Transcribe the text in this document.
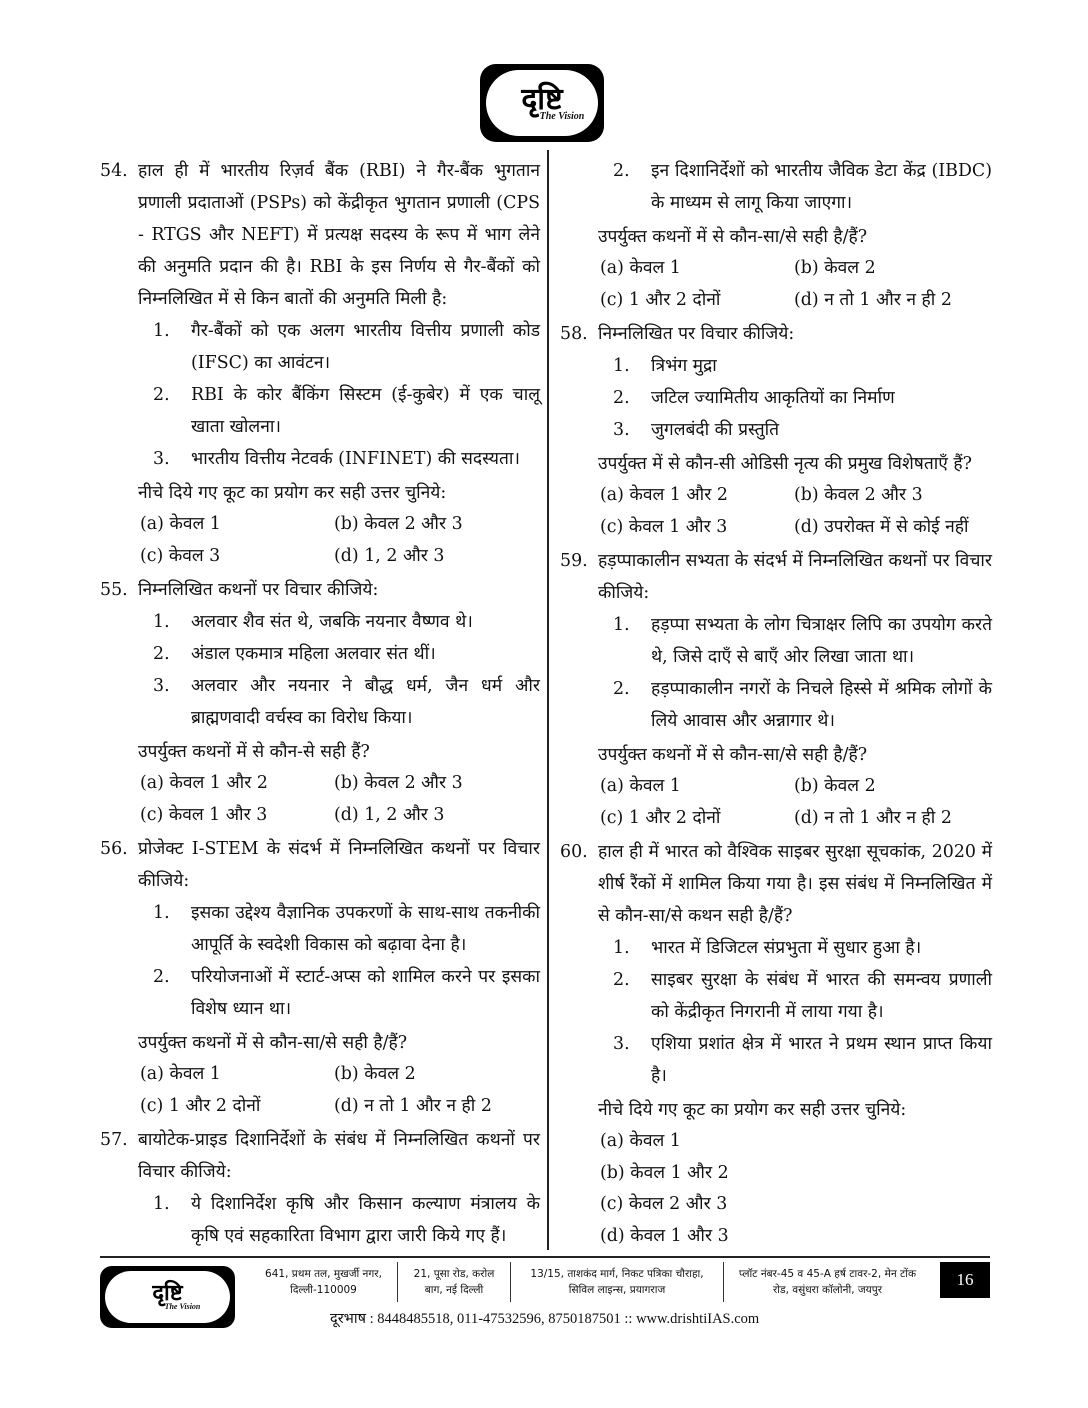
दृष्टि
The Vision
54. हाल ही में भारतीय रिज़र्व बैंक (RBI) ने गैर-बैंक भुगतान प्रणाली प्रदाताओं (PSPs) को केंद्रीकृत भुगतान प्रणाली (CPS - RTGS और NEFT) में प्रत्यक्ष सदस्य के रूप में भाग लेने की अनुमति प्रदान की है। RBI के इस निर्णय से गैर-बैंकों को निम्नलिखित में से किन बातों की अनुमति मिली है:
1. गैर-बैंकों को एक अलग भारतीय वित्तीय प्रणाली कोड (IFSC) का आवंटन।
2. RBI के कोर बैंकिंग सिस्टम (ई-कुबेर) में एक चालू खाता खोलना।
3. भारतीय वित्तीय नेटवर्क (INFINET) की सदस्यता।
नीचे दिये गए कूट का प्रयोग कर सही उत्तर चुनिये:
(a) केवल 1	(b) केवल 2 और 3
(c) केवल 3	(d) 1, 2 और 3
55. निम्नलिखित कथनों पर विचार कीजिये:
1. अलवार शैव संत थे, जबकि नयनार वैष्णव थे।
2. अंडाल एकमात्र महिला अलवार संत थीं।
3. अलवार और नयनार ने बौद्ध धर्म, जैन धर्म और ब्राह्मणवादी वर्चस्व का विरोध किया।
उपर्युक्त कथनों में से कौन-से सही हैं?
(a) केवल 1 और 2	(b) केवल 2 और 3
(c) केवल 1 और 3	(d) 1, 2 और 3
56. प्रोजेक्ट I-STEM के संदर्भ में निम्नलिखित कथनों पर विचार कीजिये:
1. इसका उद्देश्य वैज्ञानिक उपकरणों के साथ-साथ तकनीकी आपूर्ति के स्वदेशी विकास को बढ़ावा देना है।
2. परियोजनाओं में स्टार्ट-अप्स को शामिल करने पर इसका विशेष ध्यान था।
उपर्युक्त कथनों में से कौन-सा/से सही है/हैं?
(a) केवल 1	(b) केवल 2
(c) 1 और 2 दोनों	(d) न तो 1 और न ही 2
57. बायोटेक-प्राइड दिशानिर्देशों के संबंध में निम्नलिखित कथनों पर विचार कीजिये:
1. ये दिशानिर्देश कृषि और किसान कल्याण मंत्रालय के कृषि एवं सहकारिता विभाग द्वारा जारी किये गए हैं।
2. इन दिशानिर्देशों को भारतीय जैविक डेटा केंद्र (IBDC) के माध्यम से लागू किया जाएगा।
उपर्युक्त कथनों में से कौन-सा/से सही है/हैं?
(a) केवल 1	(b) केवल 2
(c) 1 और 2 दोनों	(d) न तो 1 और न ही 2
58. निम्नलिखित पर विचार कीजिये:
1. त्रिभंग मुद्रा
2. जटिल ज्यामितीय आकृतियों का निर्माण
3. जुगलबंदी की प्रस्तुति
उपर्युक्त में से कौन-सी ओडिसी नृत्य की प्रमुख विशेषताएँ हैं?
(a) केवल 1 और 2	(b) केवल 2 और 3
(c) केवल 1 और 3	(d) उपरोक्त में से कोई नहीं
59. हड़प्पाकालीन सभ्यता के संदर्भ में निम्नलिखित कथनों पर विचार कीजिये:
1. हड़प्पा सभ्यता के लोग चित्राक्षर लिपि का उपयोग करते थे, जिसे दाएँ से बाएँ ओर लिखा जाता था।
2. हड़प्पाकालीन नगरों के निचले हिस्से में श्रमिक लोगों के लिये आवास और अन्नागार थे।
उपर्युक्त कथनों में से कौन-सा/से सही है/हैं?
(a) केवल 1	(b) केवल 2
(c) 1 और 2 दोनों	(d) न तो 1 और न ही 2
60. हाल ही में भारत को वैश्विक साइबर सुरक्षा सूचकांक, 2020 में शीर्ष रैंकों में शामिल किया गया है। इस संबंध में निम्नलिखित में से कौन-सा/से कथन सही है/हैं?
1. भारत में डिजिटल संप्रभुता में सुधार हुआ है।
2. साइबर सुरक्षा के संबंध में भारत की समन्वय प्रणाली को केंद्रीकृत निगरानी में लाया गया है।
3. एशिया प्रशांत क्षेत्र में भारत ने प्रथम स्थान प्राप्त किया है।
नीचे दिये गए कूट का प्रयोग कर सही उत्तर चुनिये:
(a) केवल 1
(b) केवल 1 और 2
(c) केवल 2 और 3
(d) केवल 1 और 3
दृष्टि
The Vision
641, प्रथम तल, मुखर्जी नगर, दिल्ली-110009
21, पूसा रोड, करोल बाग, नई दिल्ली
13/15, ताशकंद मार्ग, निकट पत्रिका चौराहा, सिविल लाइन्स, प्रयागराज
प्लॉट नंबर-45 व 45-A हर्ष टावर-2, मेन टोंक रोड, वसुंधरा कॉलोनी, जयपुर
दूरभाष : 8448485518, 011-47532596, 8750187501 :: www.drishtiIAS.com
16
